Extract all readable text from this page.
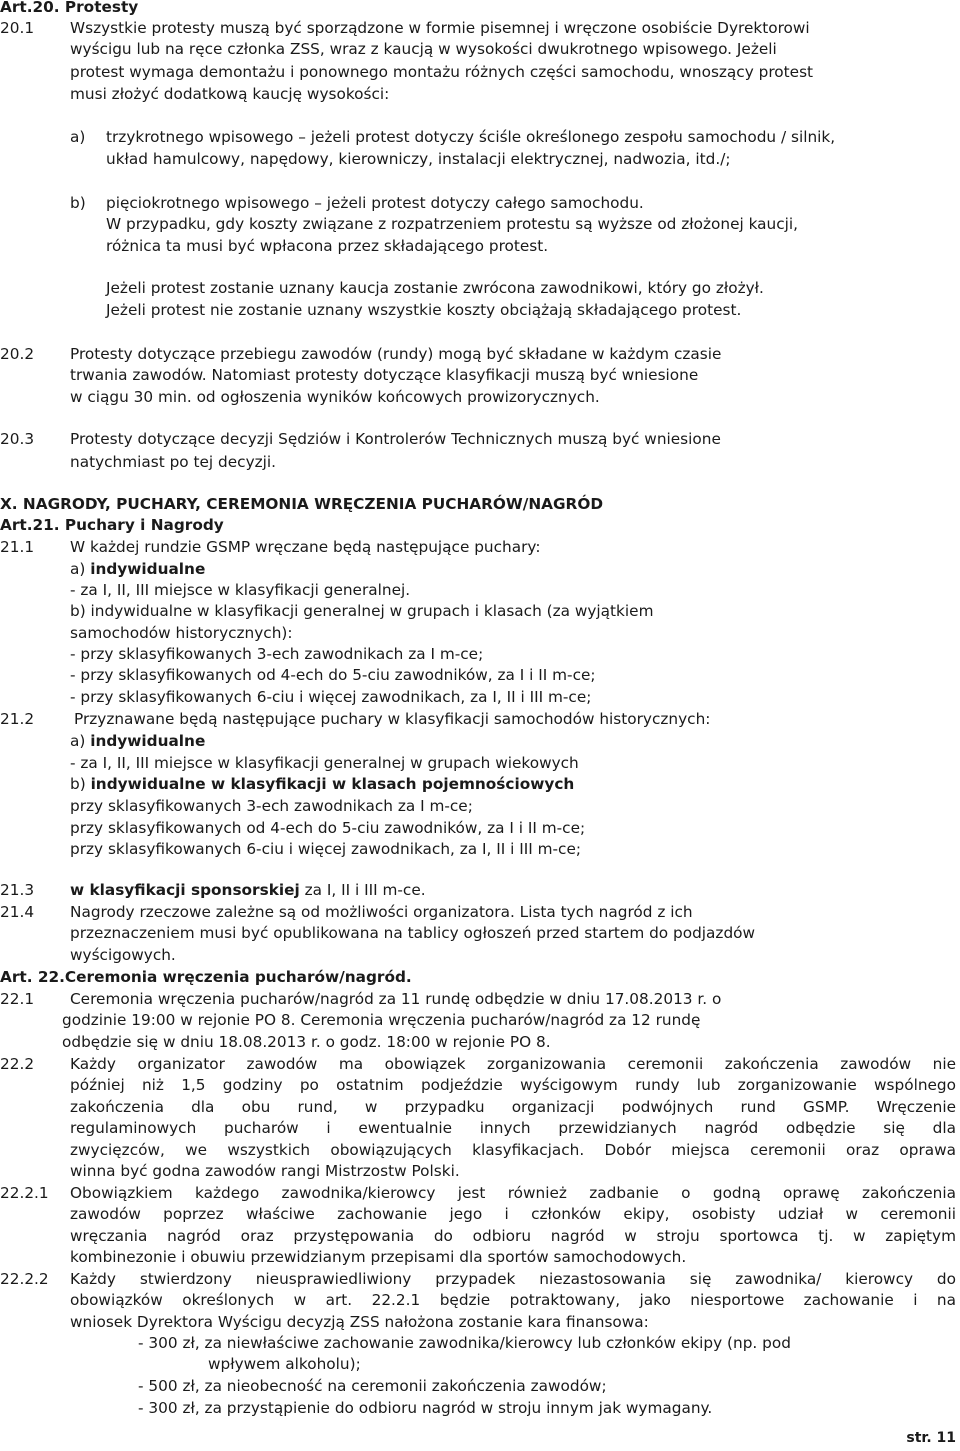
Art.20. Protesty
20.1 Wszystkie protesty muszą być sporządzone w formie pisemnej i wręczone osobiście Dyrektorowi
wyścigu lub na ręce członka ZSS, wraz z kaucją w wysokości dwukrotnego wpisowego. Jeżeli
protest wymaga demontażu i ponownego montażu różnych części samochodu, wnoszący protest
musi złożyć dodatkową kaucję wysokości:
a) trzykrotnego wpisowego – jeżeli protest dotyczy ściśle określonego zespołu samochodu / silnik,
układ hamulcowy, napędowy, kierowniczy, instalacji elektrycznej, nadwozia, itd./;
b) pięciokrotnego wpisowego – jeżeli protest dotyczy całego samochodu.
W przypadku, gdy koszty związane z rozpatrzeniem protestu są wyższe od złożonej kaucji,
różnica ta musi być wpłacona przez składającego protest.
Jeżeli protest zostanie uznany kaucja zostanie zwrócona zawodnikowi, który go złożył.
Jeżeli protest nie zostanie uznany wszystkie koszty obciążają składającego protest.
20.2 Protesty dotyczące przebiegu zawodów (rundy) mogą być składane w każdym czasie
trwania zawodów. Natomiast protesty dotyczące klasyfikacji muszą być wniesione
w ciągu 30 min. od ogłoszenia wyników końcowych prowizorycznych.
20.3 Protesty dotyczące decyzji Sędziów i Kontrolerów Technicznych muszą być wniesione
natychmiast po tej decyzji.
X. NAGRODY, PUCHARY, CEREMONIA WRĘCZENIA PUCHARÓW/NAGRÓD
Art.21. Puchary i Nagrody
21.1 W każdej rundzie GSMP wręczane będą następujące puchary:
a) indywidualne
- za I, II, III miejsce w klasyfikacji generalnej.
b) indywidualne w klasyfikacji generalnej w grupach i klasach (za wyjątkiem
samochodów historycznych):
- przy sklasyfikowanych 3-ech zawodnikach za I m-ce;
- przy sklasyfikowanych od 4-ech do 5-ciu zawodników, za I i II m-ce;
- przy sklasyfikowanych 6-ciu i więcej zawodnikach, za I, II i III m-ce;
21.2	Przyznawane będą następujące puchary w klasyfikacji samochodów historycznych:
a) indywidualne
- za I, II, III miejsce w klasyfikacji generalnej w grupach wiekowych
b) indywidualne w klasyfikacji w klasach pojemnościowych
przy sklasyfikowanych 3-ech zawodnikach za I m-ce;
przy sklasyfikowanych od 4-ech do 5-ciu zawodników, za I i II m-ce;
przy sklasyfikowanych 6-ciu i więcej zawodnikach, za I, II i III m-ce;
21.3 w klasyfikacji sponsorskiej za I, II i III m-ce.
21.4 Nagrody rzeczowe zależne są od możliwości organizatora. Lista tych nagród z ich
przeznaczeniem musi być opublikowana na tablicy ogłoszeń przed startem do podjazdów
wyścigowych.
Art. 22.Ceremonia wręczenia pucharów/nagród.
22.1 Ceremonia wręczenia pucharów/nagród za 11 rundę odbędzie w dniu 17.08.2013 r. o
godzinie 19:00 w rejonie PO 8. Ceremonia wręczenia pucharów/nagród za 12 rundę
odbędzie się w dniu 18.08.2013 r. o godz. 18:00 w rejonie PO 8.
22.2 Każdy organizator zawodów ma obowiązek zorganizowania ceremonii zakończenia zawodów nie
później niż 1,5 godziny po ostatnim podjeździe wyścigowym rundy lub zorganizowanie wspólnego
zakończenia dla obu rund, w przypadku organizacji podwójnych rund GSMP. Wręczenie
regulaminowych pucharów i ewentualnie innych przewidzianych nagród odbędzie się dla
zwycięzców, we wszystkich obowiązujących klasyfikacjach. Dobór miejsca ceremonii oraz oprawa
winna być godna zawodów rangi Mistrzostw Polski.
22.2.1 Obowiązkiem każdego zawodnika/kierowcy jest również zadbanie o godną oprawę zakończenia
zawodów poprzez właściwe zachowanie jego i członków ekipy, osobisty udział w ceremonii
wręczania nagród oraz przystępowania do odbioru nagród w stroju sportowca tj. w zapiętym
kombinezonie i obuwiu przewidzianym przepisami dla sportów samochodowych.
22.2.2 Każdy stwierdzony nieusprawiedliwiony przypadek niezastosowania się zawodnika/ kierowcy do
obowiązków określonych w art. 22.2.1 będzie potraktowany, jako niesportowe zachowanie i na
wniosek Dyrektora Wyścigu decyzją ZSS nałożona zostanie kara finansowa:
- 300 zł, za niewłaściwe zachowanie zawodnika/kierowcy lub członków ekipy (np. pod
wpływem alkoholu);
- 500 zł, za nieobecność na ceremonii zakończenia zawodów;
- 300 zł, za przystąpienie do odbioru nagród w stroju innym jak wymagany.
str. 11
